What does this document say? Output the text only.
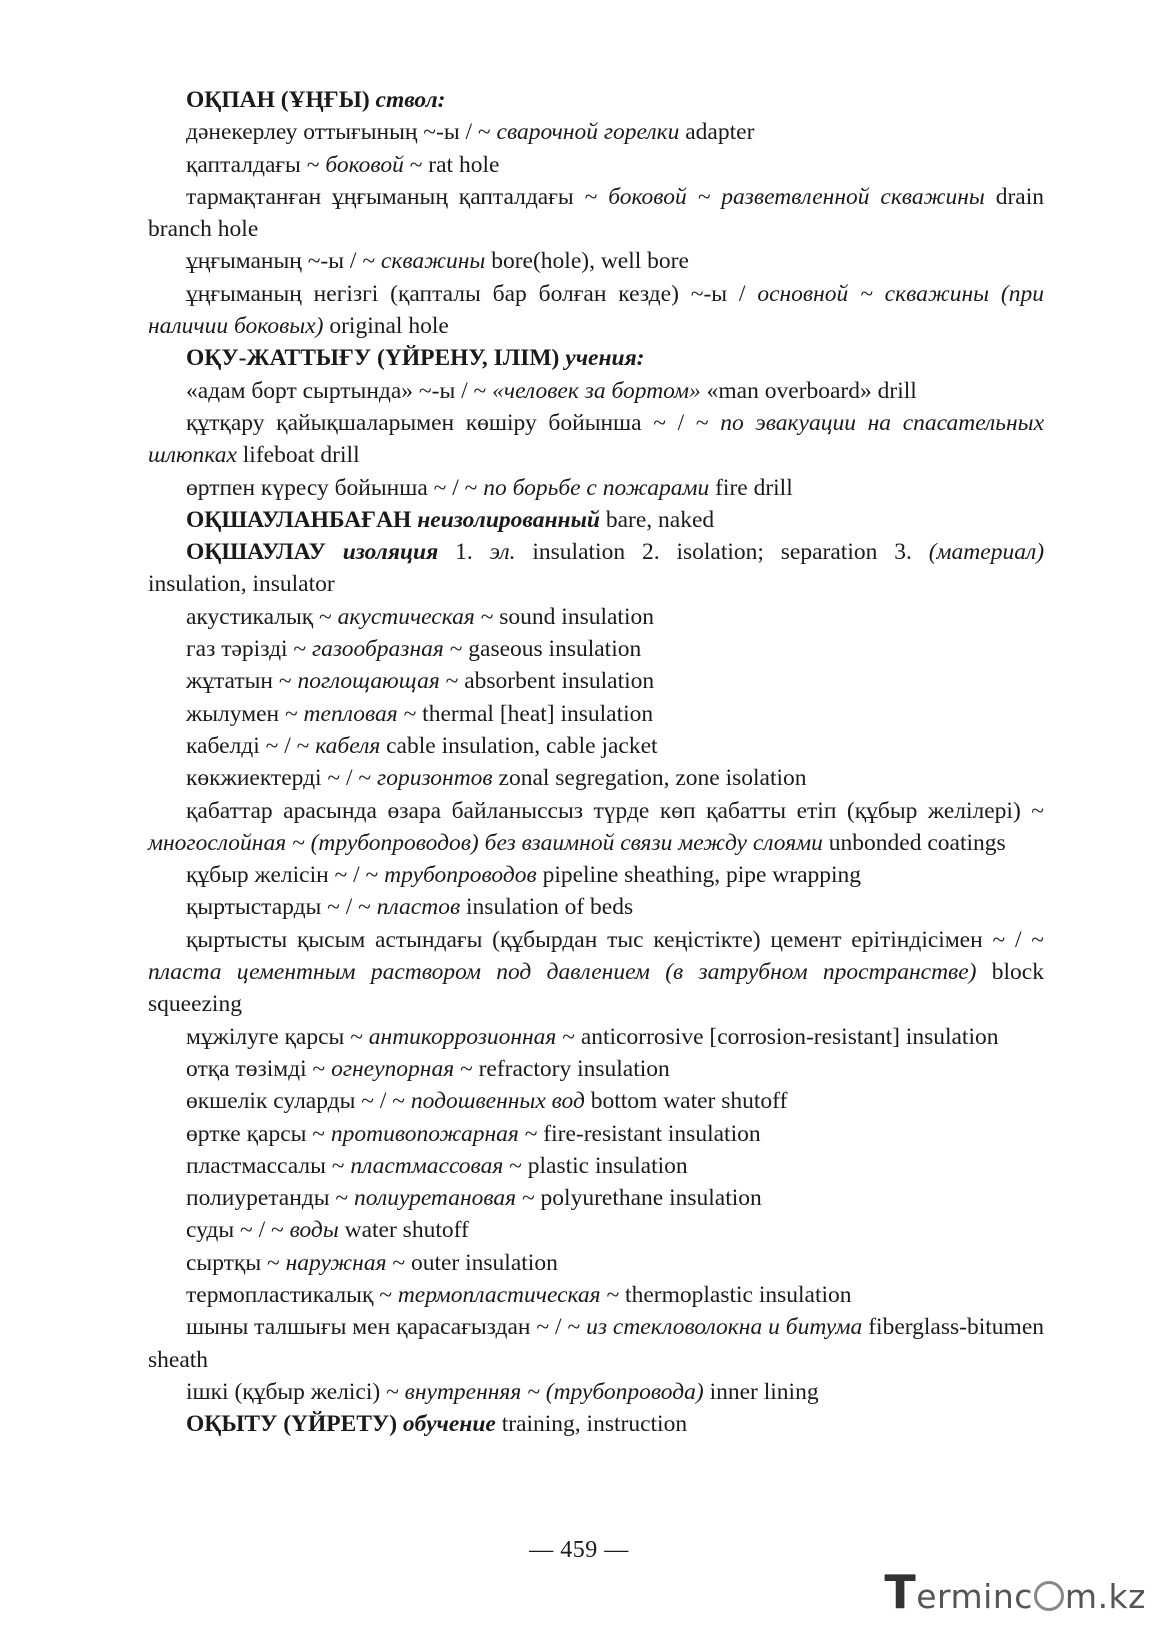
ОҚПАН (ҰҢҒЫ) ствол:

дәнекерлеу оттығының ~-ы / ~ сварочной горелки adapter

қапталдағы ~ боковой ~ rat hole

тармақтанған ұңғыманың қапталдағы ~ боковой ~ разветвленной скважины drain branch hole

ұңғыманың ~-ы / ~ скважины bore(hole), well bore

ұңғыманың негізгі (қапталы бар болған кезде) ~-ы / основной ~ скважины (при наличии боковых) original hole

ОҚУ-ЖАТТЫҒУ (ҮЙРЕНУ, ІЛІМ) учения:

«адам борт сыртында» ~-ы / ~ «человек за бортом» «man overboard» drill

құтқару қайықшаларымен көшіру бойынша ~ / ~ по эвакуации на спасательных шлюпках lifeboat drill

өртпен күресу бойынша ~ / ~ по борьбе с пожарами fire drill

ОҚШАУЛАНБАҒАН неизолированный bare, naked

ОҚШАУЛАУ изоляция 1. эл. insulation 2. isolation; separation 3. (материал) insulation, insulator

акустикалық ~ акустическая ~ sound insulation

газ тәрізді ~ газообразная ~ gaseous insulation

жұтатын ~ поглощающая ~ absorbent insulation

жылумен ~ тепловая ~ thermal [heat] insulation

кабелді ~ / ~ кабеля cable insulation, cable jacket

көкжиектерді ~ / ~ горизонтов zonal segregation, zone isolation

қабаттар арасында өзара байланыссыз түрде көп қабатты етіп (құбыр желілері) ~ многослойная ~ (трубопроводов) без взаимной связи между слоями unbonded coatings

құбыр желісін ~ / ~ трубопроводов pipeline sheathing, pipe wrapping

қыртыстарды ~ / ~ пластов insulation of beds

қыртысты қысым астындағы (құбырдан тыс кеңістікте) цемент ерітіндісімен ~ / ~ пласта цементным раствором под давлением (в затрубном пространстве) block squeezing

мұжілуге қарсы ~ антикоррозионная ~ anticorrosive [corrosion-resistant] insulation

отқа төзімді ~ огнеупорная ~ refractory insulation

өкшелік суларды ~ / ~ подошвенных вод bottom water shutoff

өртке қарсы ~ противопожарная ~ fire-resistant insulation

пластмассалы ~ пластмассовая ~ plastic insulation

полиуретанды ~ полиуретановая ~ polyurethane insulation

суды ~ / ~ воды water shutoff

сыртқы ~ наружная ~ outer insulation

термопластикалық ~ термопластическая ~ thermoplastic insulation

шыны талшығы мен қарасағыздан ~ / ~ из стекловолокна и битума fiberglass-bitumen sheath

ішкі (құбыр желісі) ~ внутренняя ~ (трубопровода) inner lining

ОҚЫТУ (ҮЙРЕТУ) обучение training, instruction

— 459 —
Terminc m.kz
